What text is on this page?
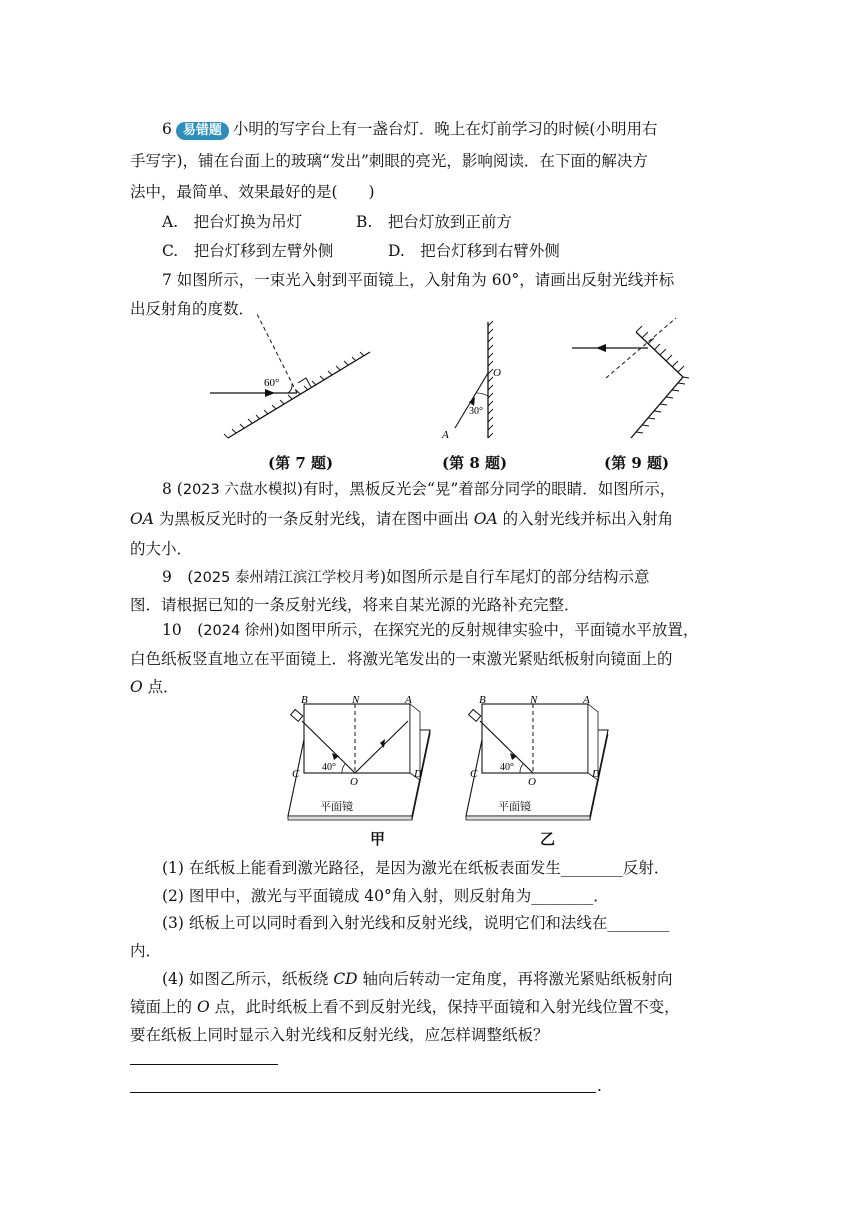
6 易错题 小明的写字台上有一盏台灯．晚上在灯前学习的时候(小明用右
手写字)，铺在台面上的玻璃“发出”刺眼的亮光，影响阅读．在下面的解决方
法中，最简单、效果最好的是(　　)
A.　把台灯换为吊灯	B.　把台灯放到正前方
C.　把台灯移到左臂外侧	D.　把台灯移到右臂外侧
7 如图所示，一束光入射到平面镜上，入射角为 60°，请画出反射光线并标
出反射角的度数．
60°
(第 7 题)
O
A
30°
(第 8 题)	(第 9 题)
8 (2023 六盘水模拟)有时，黑板反光会“晃”着部分同学的眼睛．如图所示，
OA 为黑板反光时的一条反射光线，请在图中画出 OA 的入射光线并标出入射角
的大小．
9　(2025 泰州靖江滨江学校月考)如图所示是自行车尾灯的部分结构示意
图．请根据已知的一条反射光线，将来自某光源的光路补充完整．
10　(2024 徐州)如图甲所示，在探究光的反射规律实验中，平面镜水平放置，
白色纸板竖直地立在平面镜上．将激光笔发出的一束激光紧贴纸板射向镜面上的
O 点．
B	N	A
C	D
O
40°
平面镜
甲
B	N	A
C	D
O
40°
平面镜
乙
(1) 在纸板上能看到激光路径，是因为激光在纸板表面发生________反射．
(2) 图甲中，激光与平面镜成 40°角入射，则反射角为________．
(3) 纸板上可以同时看到入射光线和反射光线，说明它们和法线在________
内．
(4) 如图乙所示，纸板绕 CD 轴向后转动一定角度，再将激光紧贴纸板射向
镜面上的 O 点，此时纸板上看不到反射光线，保持平面镜和入射光线位置不变，
要在纸板上同时显示入射光线和反射光线，应怎样调整纸板？
.
